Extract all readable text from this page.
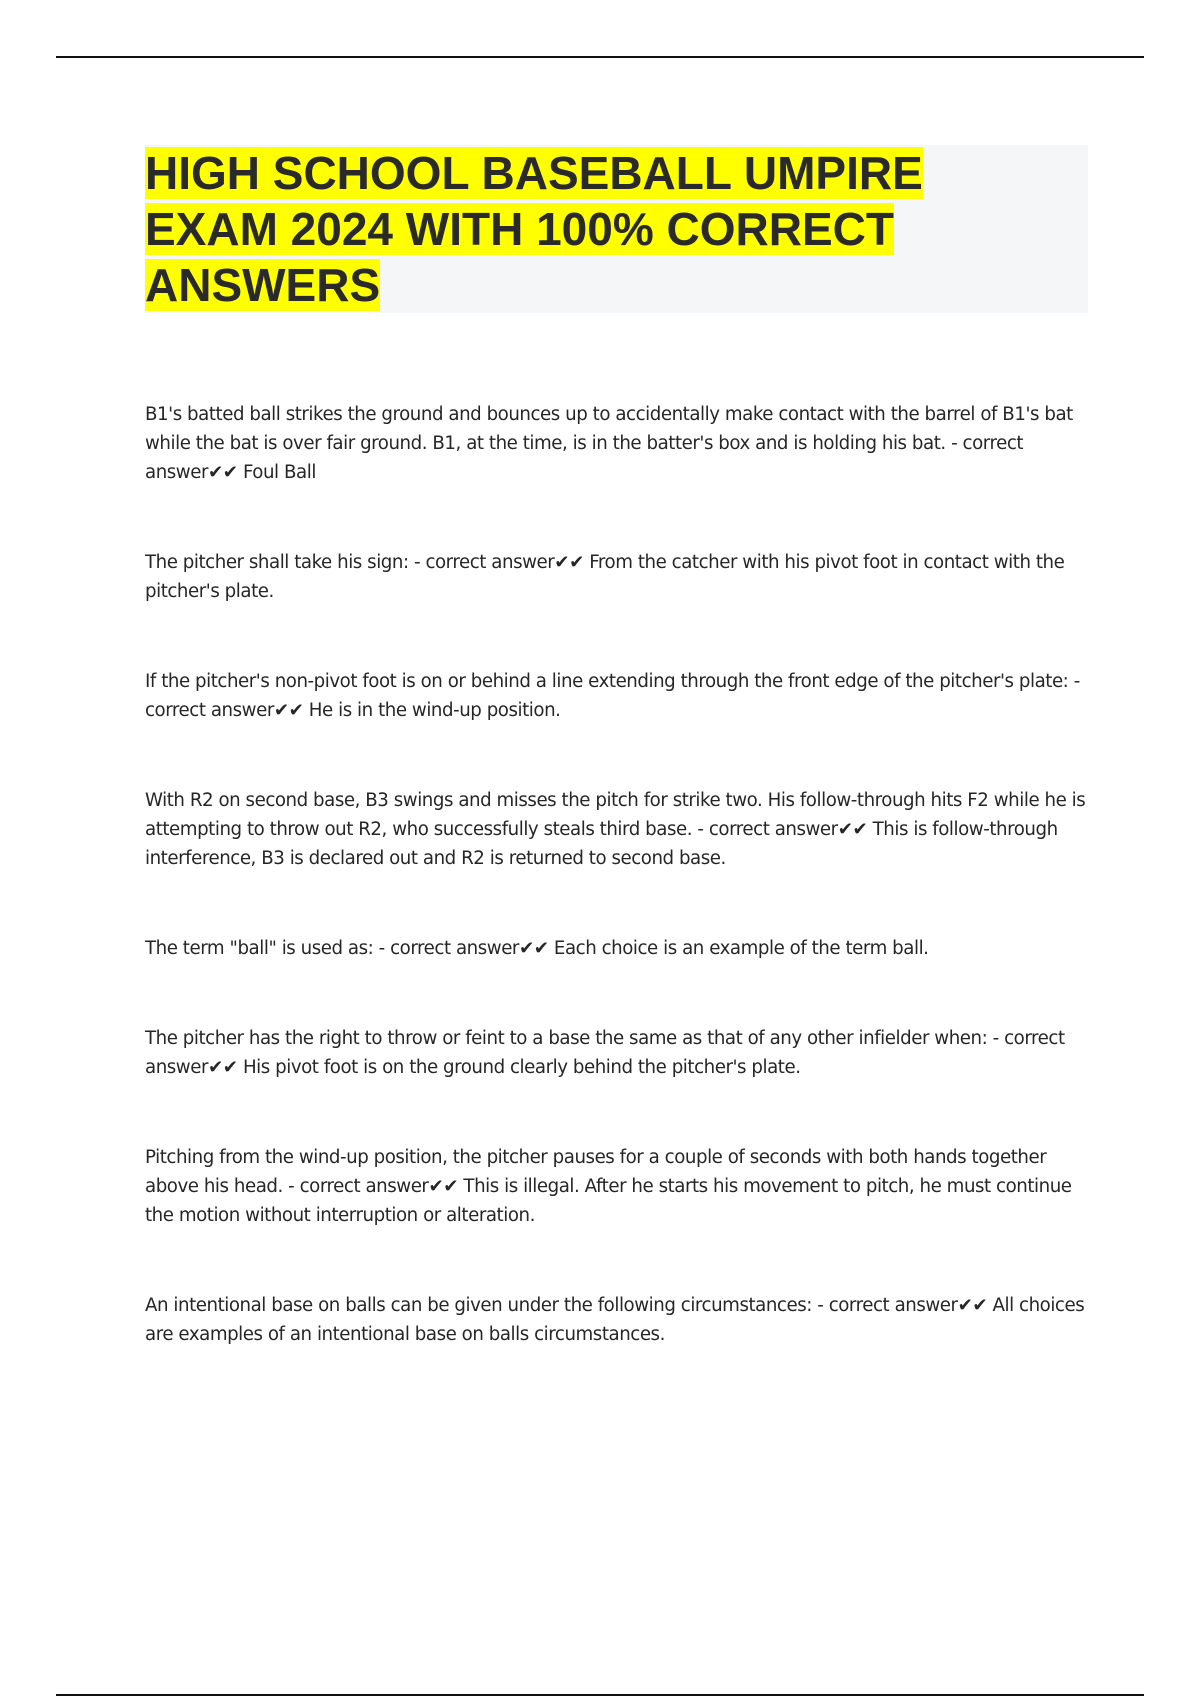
HIGH SCHOOL BASEBALL UMPIRE
EXAM 2024 WITH 100% CORRECT
ANSWERS

B1's batted ball strikes the ground and bounces up to accidentally make contact with the barrel of B1's bat while the bat is over fair ground. B1, at the time, is in the batter's box and is holding his bat. - correct answer✔✔ Foul Ball

The pitcher shall take his sign: - correct answer✔✔ From the catcher with his pivot foot in contact with the pitcher's plate.

If the pitcher's non-pivot foot is on or behind a line extending through the front edge of the pitcher's plate: - correct answer✔✔ He is in the wind-up position.

With R2 on second base, B3 swings and misses the pitch for strike two. His follow-through hits F2 while he is attempting to throw out R2, who successfully steals third base. - correct answer✔✔ This is follow-through interference, B3 is declared out and R2 is returned to second base.

The term "ball" is used as: - correct answer✔✔ Each choice is an example of the term ball.

The pitcher has the right to throw or feint to a base the same as that of any other infielder when: - correct answer✔✔ His pivot foot is on the ground clearly behind the pitcher's plate.

Pitching from the wind-up position, the pitcher pauses for a couple of seconds with both hands together above his head. - correct answer✔✔ This is illegal. After he starts his movement to pitch, he must continue the motion without interruption or alteration.

An intentional base on balls can be given under the following circumstances: - correct answer✔✔ All choices are examples of an intentional base on balls circumstances.
